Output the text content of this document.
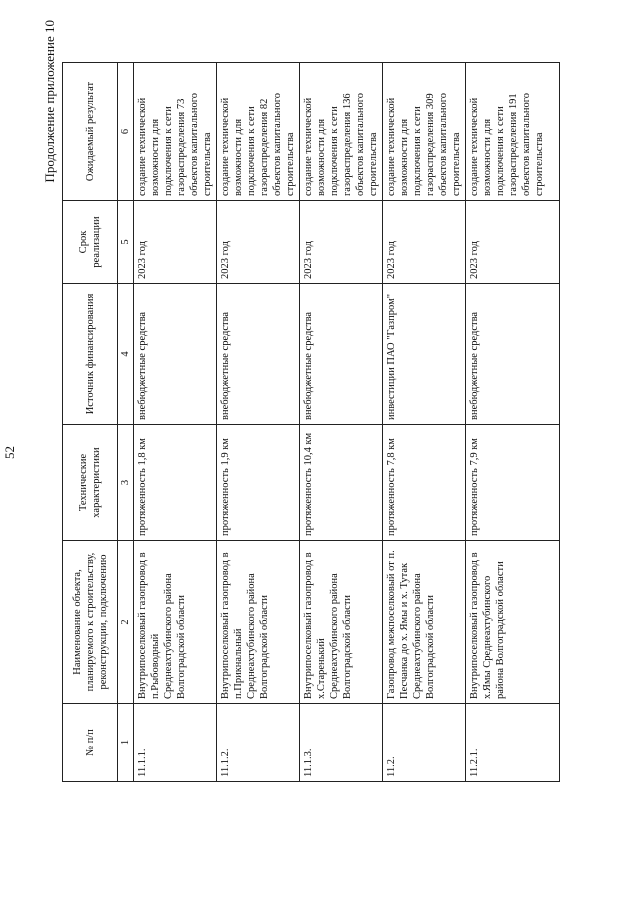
52
Продолжение приложение 10
№ п/п	Наименование объекта, планируемого к строительству, реконструкции, подключению	Технические характеристики	Источник финансирования	Срок реализации	Ожидаемый результат
1	2	3	4	5	6
11.1.1.	Внутрипоселковый газопровод в п.Рыбоводный Среднеахтубинского района Волгоградской области	протяженность 1,8 км	внебюджетные средства	2023 год	создание технической возможности для подключения к сети газораспределения 73 объектов капитального строительства
11.1.2.	Внутрипоселковый газопровод в п.Прикнальный Среднеахтубинского района Волгоградской области	протяженность 1,9 км	внебюджетные средства	2023 год	создание технической возможности для подключения к сети газораспределения 82 объектов капитального строительства
11.1.3.	Внутрипоселковый газопровод в х.Старенький Среднеахтубинского района Волгоградской области	протяженность 10,4 км	внебюджетные средства	2023 год	создание технической возможности для подключения к сети газораспределения 136 объектов капитального строительства
11.2.	Газопровод межпоселковый от п. Песчанка до х. Ямы и х. Тутак Среднеахтубинского района Волгоградской области	протяженность 7,8 км	инвестиции ПАО "Газпром"	2023 год	создание технической возможности для подключения к сети газораспределения 309 объектов капитального строительства
11.2.1.	Внутрипоселковый газопровод в х.Ямы Среднеахтубинского района Волгоградской области	протяженность 7,9 км	внебюджетные средства	2023 год	создание технической возможности для подключения к сети газораспределения 191 объектов капитального строительства
